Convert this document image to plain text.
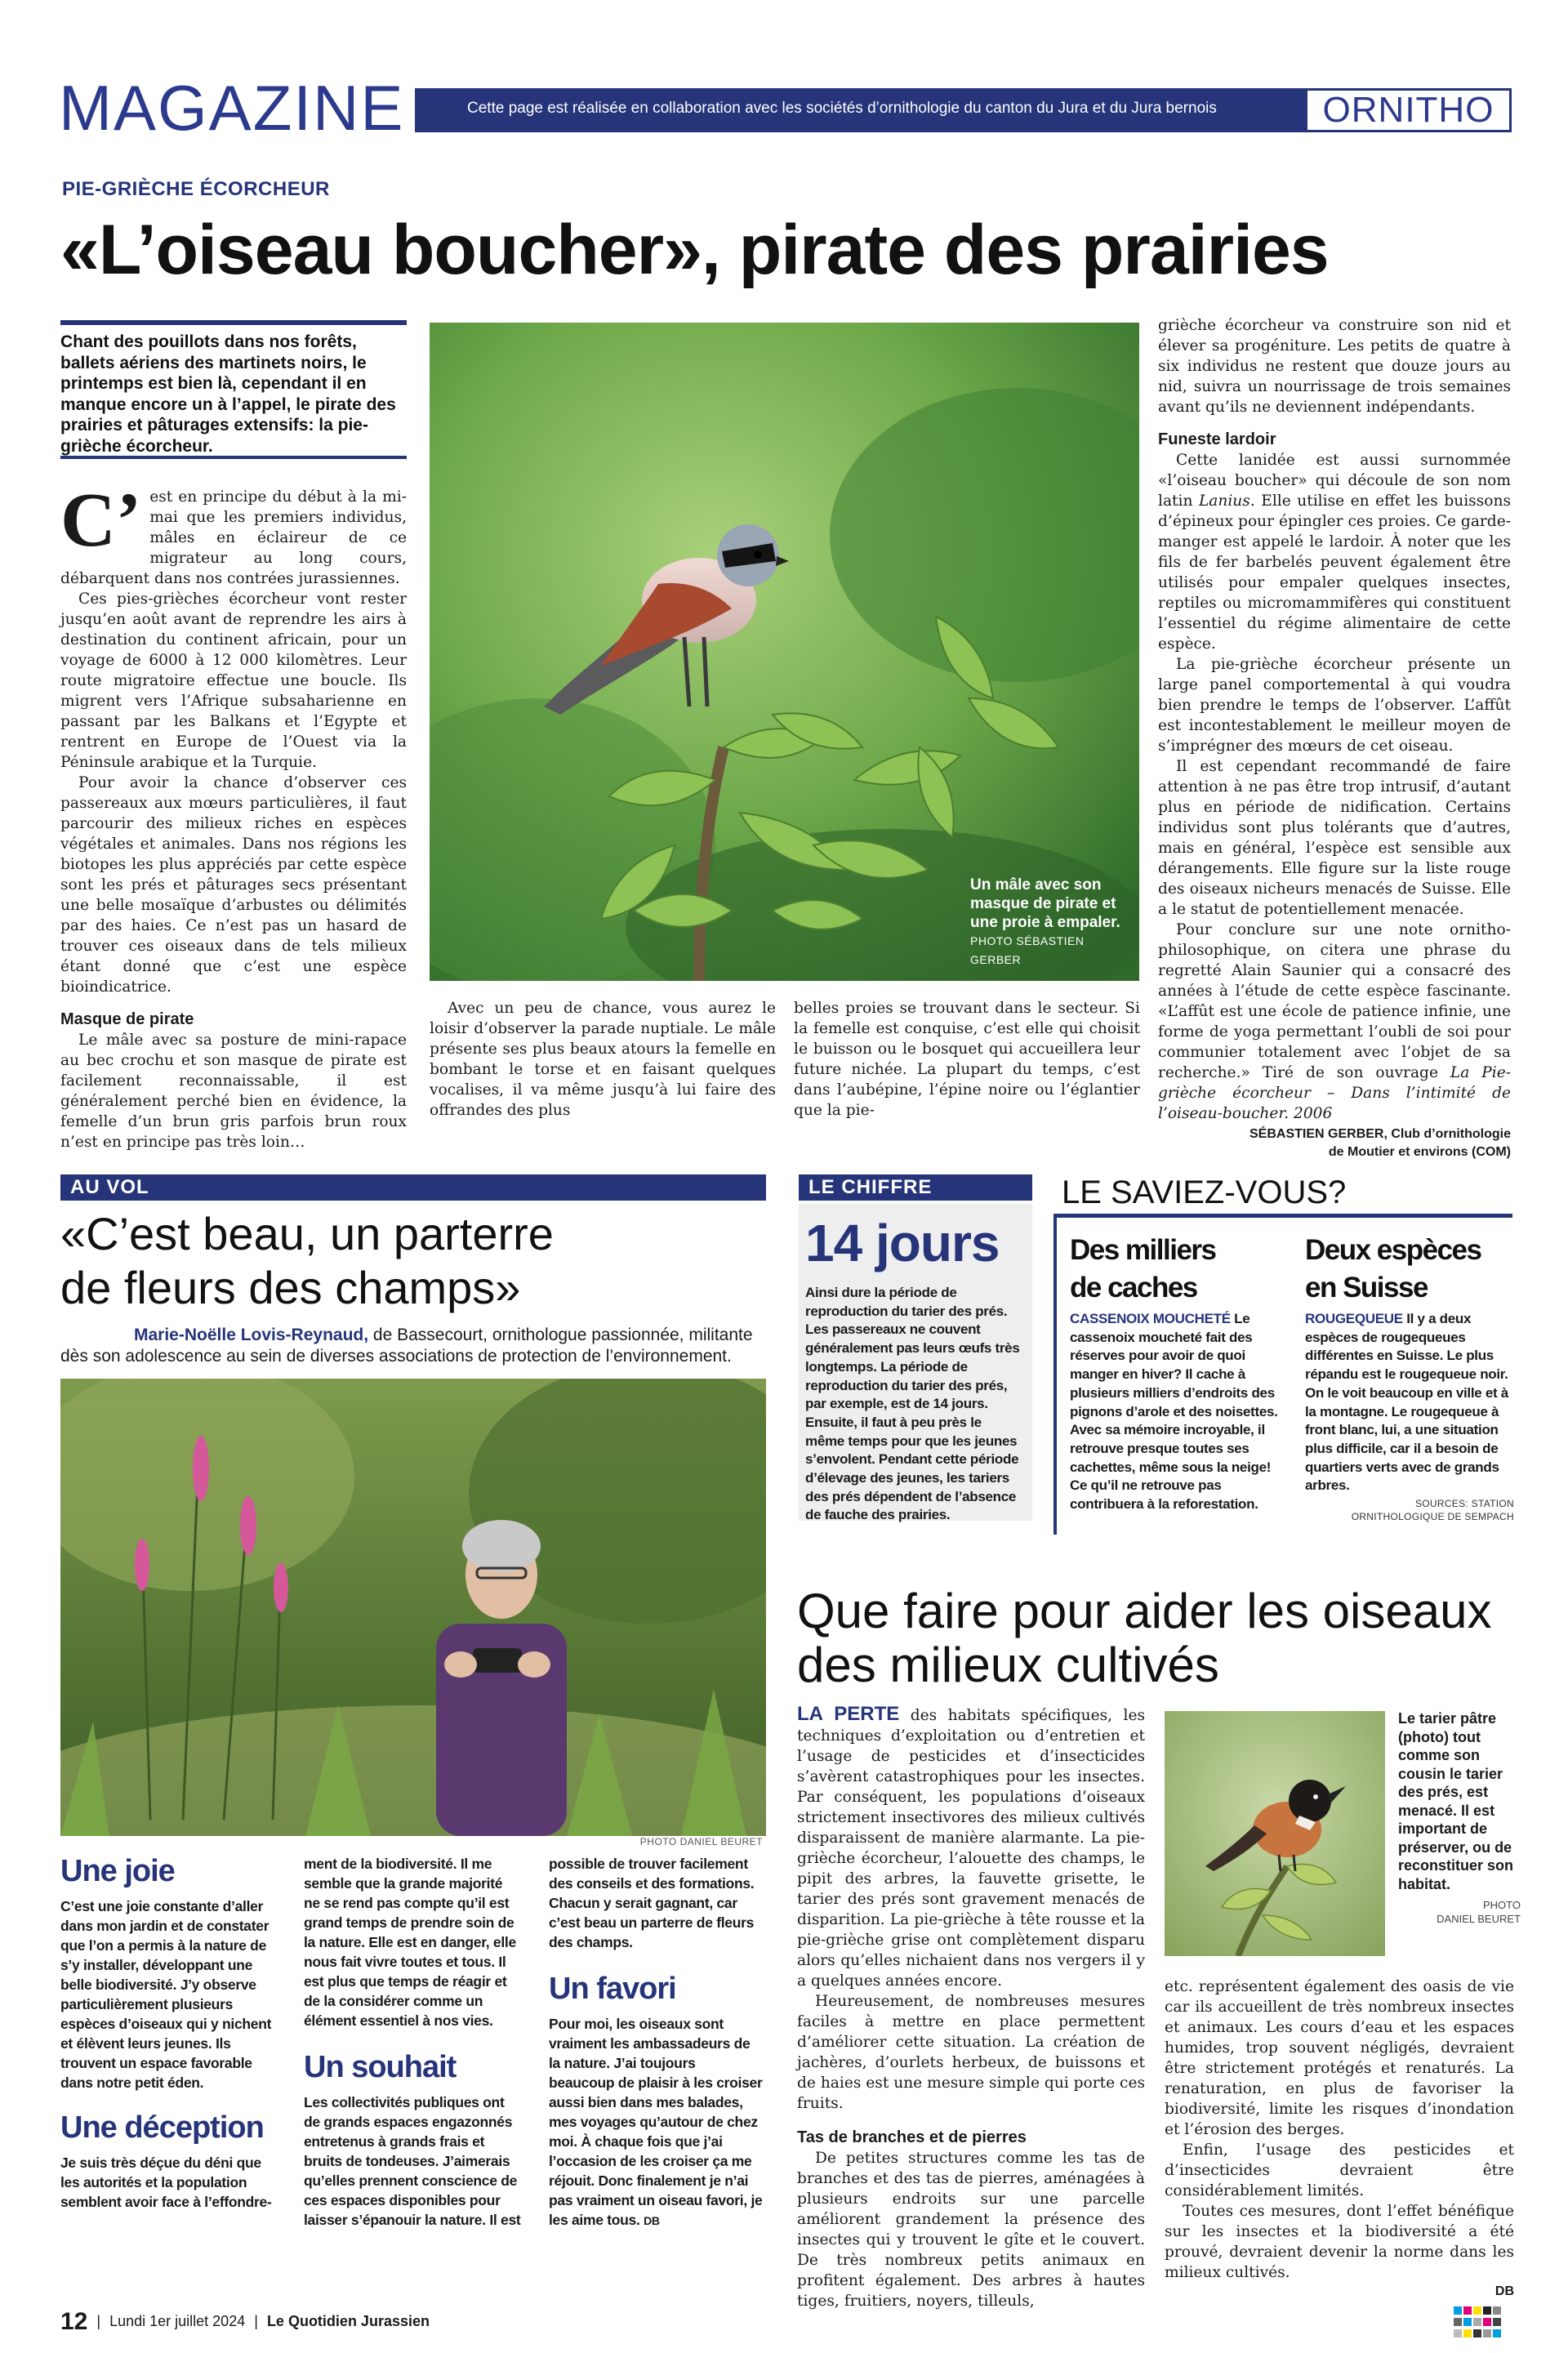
MAGAZINE	Cette page est réalisée en collaboration avec les sociétés d’ornithologie du canton du Jura et du Jura bernois	ORNITHO
PIE-GRIÈCHE ÉCORCHEUR
«L’oiseau boucher», pirate des prairies
Chant des pouillots dans nos forêts, ballets aériens des martinets noirs, le printemps est bien là, cependant il en manque encore un à l’appel, le pirate des prairies et pâturages extensifs: la pie-grièche écorcheur.

C’ est en principe du début à la mi-mai que les premiers individus, mâles en éclaireur de ce migrateur au long cours, débarquent dans nos contrées jurassiennes.

Ces pies-grièches écorcheur vont rester jusqu’en août avant de reprendre les airs à destination du continent africain, pour un voyage de 6000 à 12 000 kilomètres. Leur route migratoire effectue une boucle. Ils migrent vers l’Afrique subsaharienne en passant par les Balkans et l’Egypte et rentrent en Europe de l’Ouest via la Péninsule arabique et la Turquie.

Pour avoir la chance d’observer ces passereaux aux mœurs particulières, il faut parcourir des milieux riches en espèces végétales et animales. Dans nos régions les biotopes les plus appréciés par cette espèce sont les prés et pâturages secs présentant une belle mosaïque d’arbustes ou délimités par des haies. Ce n’est pas un hasard de trouver ces oiseaux dans de tels milieux étant donné que c’est une espèce bioindicatrice.

Masque de pirate

Le mâle avec sa posture de mini-rapace au bec crochu et son masque de pirate est facilement reconnaissable, il est généralement perché bien en évidence, la femelle d’un brun gris parfois brun roux n’est en principe pas très loin…

Un mâle avec son masque de pirate et une proie à empaler.
PHOTO SÉBASTIEN GERBER

Avec un peu de chance, vous aurez le loisir d’observer la parade nuptiale. Le mâle présente ses plus beaux atours la femelle en bombant le torse et en faisant quelques vocalises, il va même jusqu’à lui faire des offrandes des plus

belles proies se trouvant dans le secteur. Si la femelle est conquise, c’est elle qui choisit le buisson ou le bosquet qui accueillera leur future nichée. La plupart du temps, c’est dans l’aubépine, l’épine noire ou l’églantier que la pie-

grièche écorcheur va construire son nid et élever sa progéniture. Les petits de quatre à six individus ne restent que douze jours au nid, suivra un nourrissage de trois semaines avant qu’ils ne deviennent indépendants.

Funeste lardoir

Cette lanidée est aussi surnommée «l’oiseau boucher» qui découle de son nom latin Lanius. Elle utilise en effet les buissons d’épineux pour épingler ces proies. Ce garde-manger est appelé le lardoir. À noter que les fils de fer barbelés peuvent également être utilisés pour empaler quelques insectes, reptiles ou micromammifères qui constituent l’essentiel du régime alimentaire de cette espèce.

La pie-grièche écorcheur présente un large panel comportemental à qui voudra bien prendre le temps de l’observer. L’affût est incontestablement le meilleur moyen de s’imprégner des mœurs de cet oiseau.

Il est cependant recommandé de faire attention à ne pas être trop intrusif, d’autant plus en période de nidification. Certains individus sont plus tolérants que d’autres, mais en général, l’espèce est sensible aux dérangements. Elle figure sur la liste rouge des oiseaux nicheurs menacés de Suisse. Elle a le statut de potentiellement menacée.

Pour conclure sur une note ornitho-philosophique, on citera une phrase du regretté Alain Saunier qui a consacré des années à l’étude de cette espèce fascinante. «L’affût est une école de patience infinie, une forme de yoga permettant l’oubli de soi pour communier totalement avec l’objet de sa recherche.» Tiré de son ouvrage La Pie-grièche écorcheur – Dans l’intimité de l’oiseau-boucher. 2006

SÉBASTIEN GERBER, Club d’ornithologie
de Moutier et environs (COM)
AU VOL
«C’est beau, un parterre
de fleurs des champs»
Marie-Noëlle Lovis-Reynaud, de Bassecourt, ornithologue passionnée, militante dès son adolescence au sein de diverses associations de protection de l’environnement.
PHOTO DANIEL BEURET
Une joie
C’est une joie constante d’aller dans mon jardin et de constater que l’on a permis à la nature de s’y installer, développant une belle biodiversité. J’y observe particulièrement plusieurs espèces d’oiseaux qui y nichent et élèvent leurs jeunes. Ils trouvent un espace favorable dans notre petit éden.
Une déception
Je suis très déçue du déni que les autorités et la population semblent avoir face à l’effondre-
ment de la biodiversité. Il me semble que la grande majorité ne se rend pas compte qu’il est grand temps de prendre soin de la nature. Elle est en danger, elle nous fait vivre toutes et tous. Il est plus que temps de réagir et de la considérer comme un élément essentiel à nos vies.
Un souhait
Les collectivités publiques ont de grands espaces engazonnés entretenus à grands frais et bruits de tondeuses. J’aimerais qu’elles prennent conscience de ces espaces disponibles pour laisser s’épanouir la nature. Il est
possible de trouver facilement des conseils et des formations. Chacun y serait gagnant, car c’est beau un parterre de fleurs des champs.
Un favori
Pour moi, les oiseaux sont vraiment les ambassadeurs de la nature. J’ai toujours beaucoup de plaisir à les croiser aussi bien dans mes balades, mes voyages qu’autour de chez moi. À chaque fois que j’ai l’occasion de les croiser ça me réjouit. Donc finalement je n’ai pas vraiment un oiseau favori, je les aime tous. DB
LE CHIFFRE
14 jours
Ainsi dure la période de reproduction du tarier des prés. Les passereaux ne couvent généralement pas leurs œufs très longtemps. La période de reproduction du tarier des prés, par exemple, est de 14 jours. Ensuite, il faut à peu près le même temps pour que les jeunes s’envolent. Pendant cette période d’élevage des jeunes, les tariers des prés dépendent de l’absence de fauche des prairies.
LE SAVIEZ-VOUS?
Des milliers
de caches
CASSENOIX MOUCHETÉ Le cassenoix moucheté fait des réserves pour avoir de quoi manger en hiver? Il cache à plusieurs milliers d’endroits des pignons d’arole et des noisettes. Avec sa mémoire incroyable, il retrouve presque toutes ses cachettes, même sous la neige! Ce qu’il ne retrouve pas contribuera à la reforestation.
Deux espèces
en Suisse
ROUGEQUEUE Il y a deux espèces de rougequeues différentes en Suisse. Le plus répandu est le rougequeue noir. On le voit beaucoup en ville et à la montagne. Le rougequeue à front blanc, lui, a une situation plus difficile, car il a besoin de quartiers verts avec de grands arbres.
SOURCES: STATION
ORNITHOLOGIQUE DE SEMPACH
Que faire pour aider les oiseaux
des milieux cultivés

LA PERTE des habitats spécifiques, les techniques d’exploitation ou d’entretien et l’usage de pesticides et d’insecticides s’avèrent catastrophiques pour les insectes. Par conséquent, les populations d’oiseaux strictement insectivores des milieux cultivés disparaissent de manière alarmante. La pie-grièche écorcheur, l’alouette des champs, le pipit des arbres, la fauvette grisette, le tarier des prés sont gravement menacés de disparition. La pie-grièche à tête rousse et la pie-grièche grise ont complètement disparu alors qu’elles nichaient dans nos vergers il y a quelques années encore.

Heureusement, de nombreuses mesures faciles à mettre en place permettent d’améliorer cette situation. La création de jachères, d’ourlets herbeux, de buissons et de haies est une mesure simple qui porte ces fruits.

Tas de branches et de pierres

De petites structures comme les tas de branches et des tas de pierres, aménagées à plusieurs endroits sur une parcelle améliorent grandement la présence des insectes qui y trouvent le gîte et le couvert. De très nombreux petits animaux en profitent également. Des arbres à hautes tiges, fruitiers, noyers, tilleuls,

Le tarier pâtre (photo) tout comme son cousin le tarier des prés, est menacé. Il est important de préserver, ou de reconstituer son habitat.
PHOTO
DANIEL BEURET

etc. représentent également des oasis de vie car ils accueillent de très nombreux insectes et animaux. Les cours d’eau et les espaces humides, trop souvent négligés, devraient être strictement protégés et renaturés. La renaturation, en plus de favoriser la biodiversité, limite les risques d’inondation et l’érosion des berges.

Enfin, l’usage des pesticides et d’insecticides devraient être considérablement limités.

Toutes ces mesures, dont l’effet bénéfique sur les insectes et la biodiversité a été prouvé, devraient devenir la norme dans les milieux cultivés.

DB
12 | Lundi 1er juillet 2024 | Le Quotidien Jurassien
